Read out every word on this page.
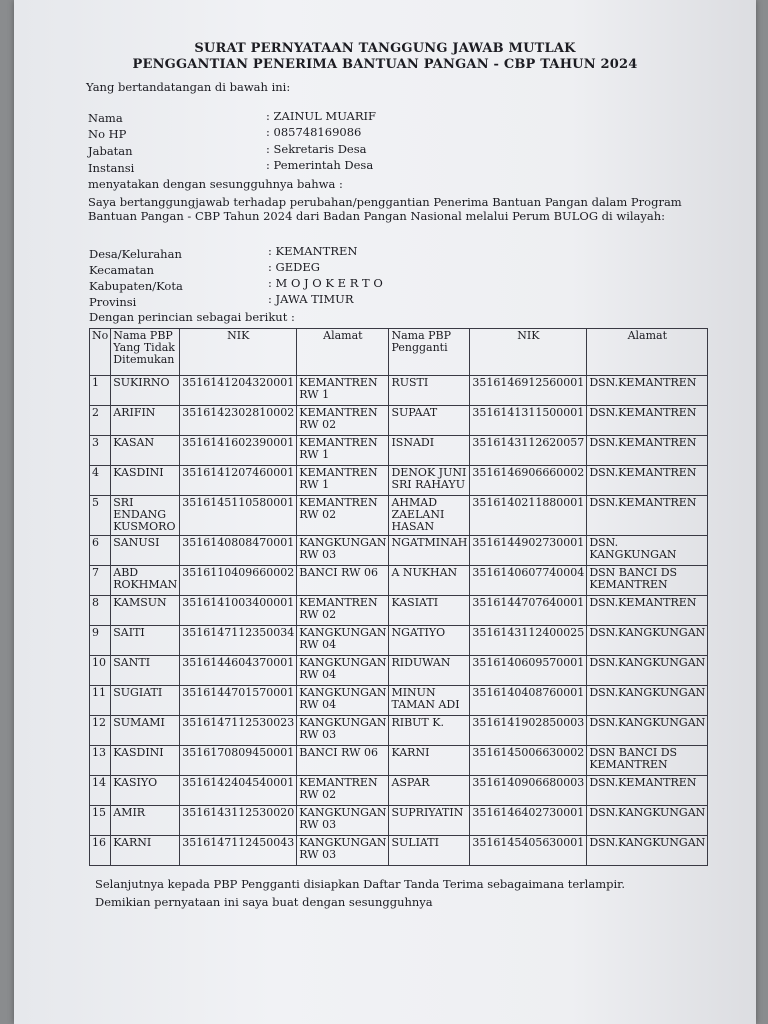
SURAT PERNYATAAN TANGGUNG JAWAB MUTLAK
PENGGANTIAN PENERIMA BANTUAN PANGAN - CBP TAHUN 2024
Yang bertandatangan di bawah ini:
Nama	: ZAINUL MUARIF
No HP	: 085748169086
Jabatan	: Sekretaris Desa
Instansi	: Pemerintah Desa
menyatakan dengan sesungguhnya bahwa :
Saya bertanggungjawab terhadap perubahan/penggantian Penerima Bantuan Pangan dalam Program
Bantuan Pangan - CBP Tahun 2024 dari Badan Pangan Nasional melalui Perum BULOG di wilayah:
Desa/Kelurahan	: KEMANTREN
Kecamatan	: GEDEG
Kabupaten/Kota	: M O J O K E R T O
Provinsi	: JAWA TIMUR
Dengan perincian sebagai berikut :
No	Nama PBP Yang Tidak Ditemukan	NIK	Alamat	Nama PBP Pengganti	NIK	Alamat
1	SUKIRNO	3516141204320001	KEMANTREN RW 1	RUSTI	3516146912560001	DSN.KEMANTREN
2	ARIFIN	3516142302810002	KEMANTREN RW 02	SUPAAT	3516141311500001	DSN.KEMANTREN
3	KASAN	3516141602390001	KEMANTREN RW 1	ISNADI	3516143112620057	DSN.KEMANTREN
4	KASDINI	3516141207460001	KEMANTREN RW 1	DENOK JUNI SRI RAHAYU	3516146906660002	DSN.KEMANTREN
5	SRI ENDANG KUSMORO	3516145110580001	KEMANTREN RW 02	AHMAD ZAELANI HASAN	3516140211880001	DSN.KEMANTREN
6	SANUSI	3516140808470001	KANGKUNGAN RW 03	NGATMINAH	3516144902730001	DSN. KANGKUNGAN
7	ABD ROKHMAN	3516110409660002	BANCI RW 06	A NUKHAN	3516140607740004	DSN BANCI DS KEMANTREN
8	KAMSUN	3516141003400001	KEMANTREN RW 02	KASIATI	3516144707640001	DSN.KEMANTREN
9	SAITI	3516147112350034	KANGKUNGAN RW 04	NGATIYO	3516143112400025	DSN.KANGKUNGAN
10	SANTI	3516144604370001	KANGKUNGAN RW 04	RIDUWAN	3516140609570001	DSN.KANGKUNGAN
11	SUGIATI	3516144701570001	KANGKUNGAN RW 04	MINUN TAMAN ADI	3516140408760001	DSN.KANGKUNGAN
12	SUMAMI	3516147112530023	KANGKUNGAN RW 03	RIBUT K.	3516141902850003	DSN.KANGKUNGAN
13	KASDINI	3516170809450001	BANCI RW 06	KARNI	3516145006630002	DSN BANCI DS KEMANTREN
14	KASIYO	3516142404540001	KEMANTREN RW 02	ASPAR	3516140906680003	DSN.KEMANTREN
15	AMIR	3516143112530020	KANGKUNGAN RW 03	SUPRIYATIN	3516146402730001	DSN.KANGKUNGAN
16	KARNI	3516147112450043	KANGKUNGAN RW 03	SULIATI	3516145405630001	DSN.KANGKUNGAN
Selanjutnya kepada PBP Pengganti disiapkan Daftar Tanda Terima sebagaimana terlampir.
Demikian pernyataan ini saya buat dengan sesungguhnya
